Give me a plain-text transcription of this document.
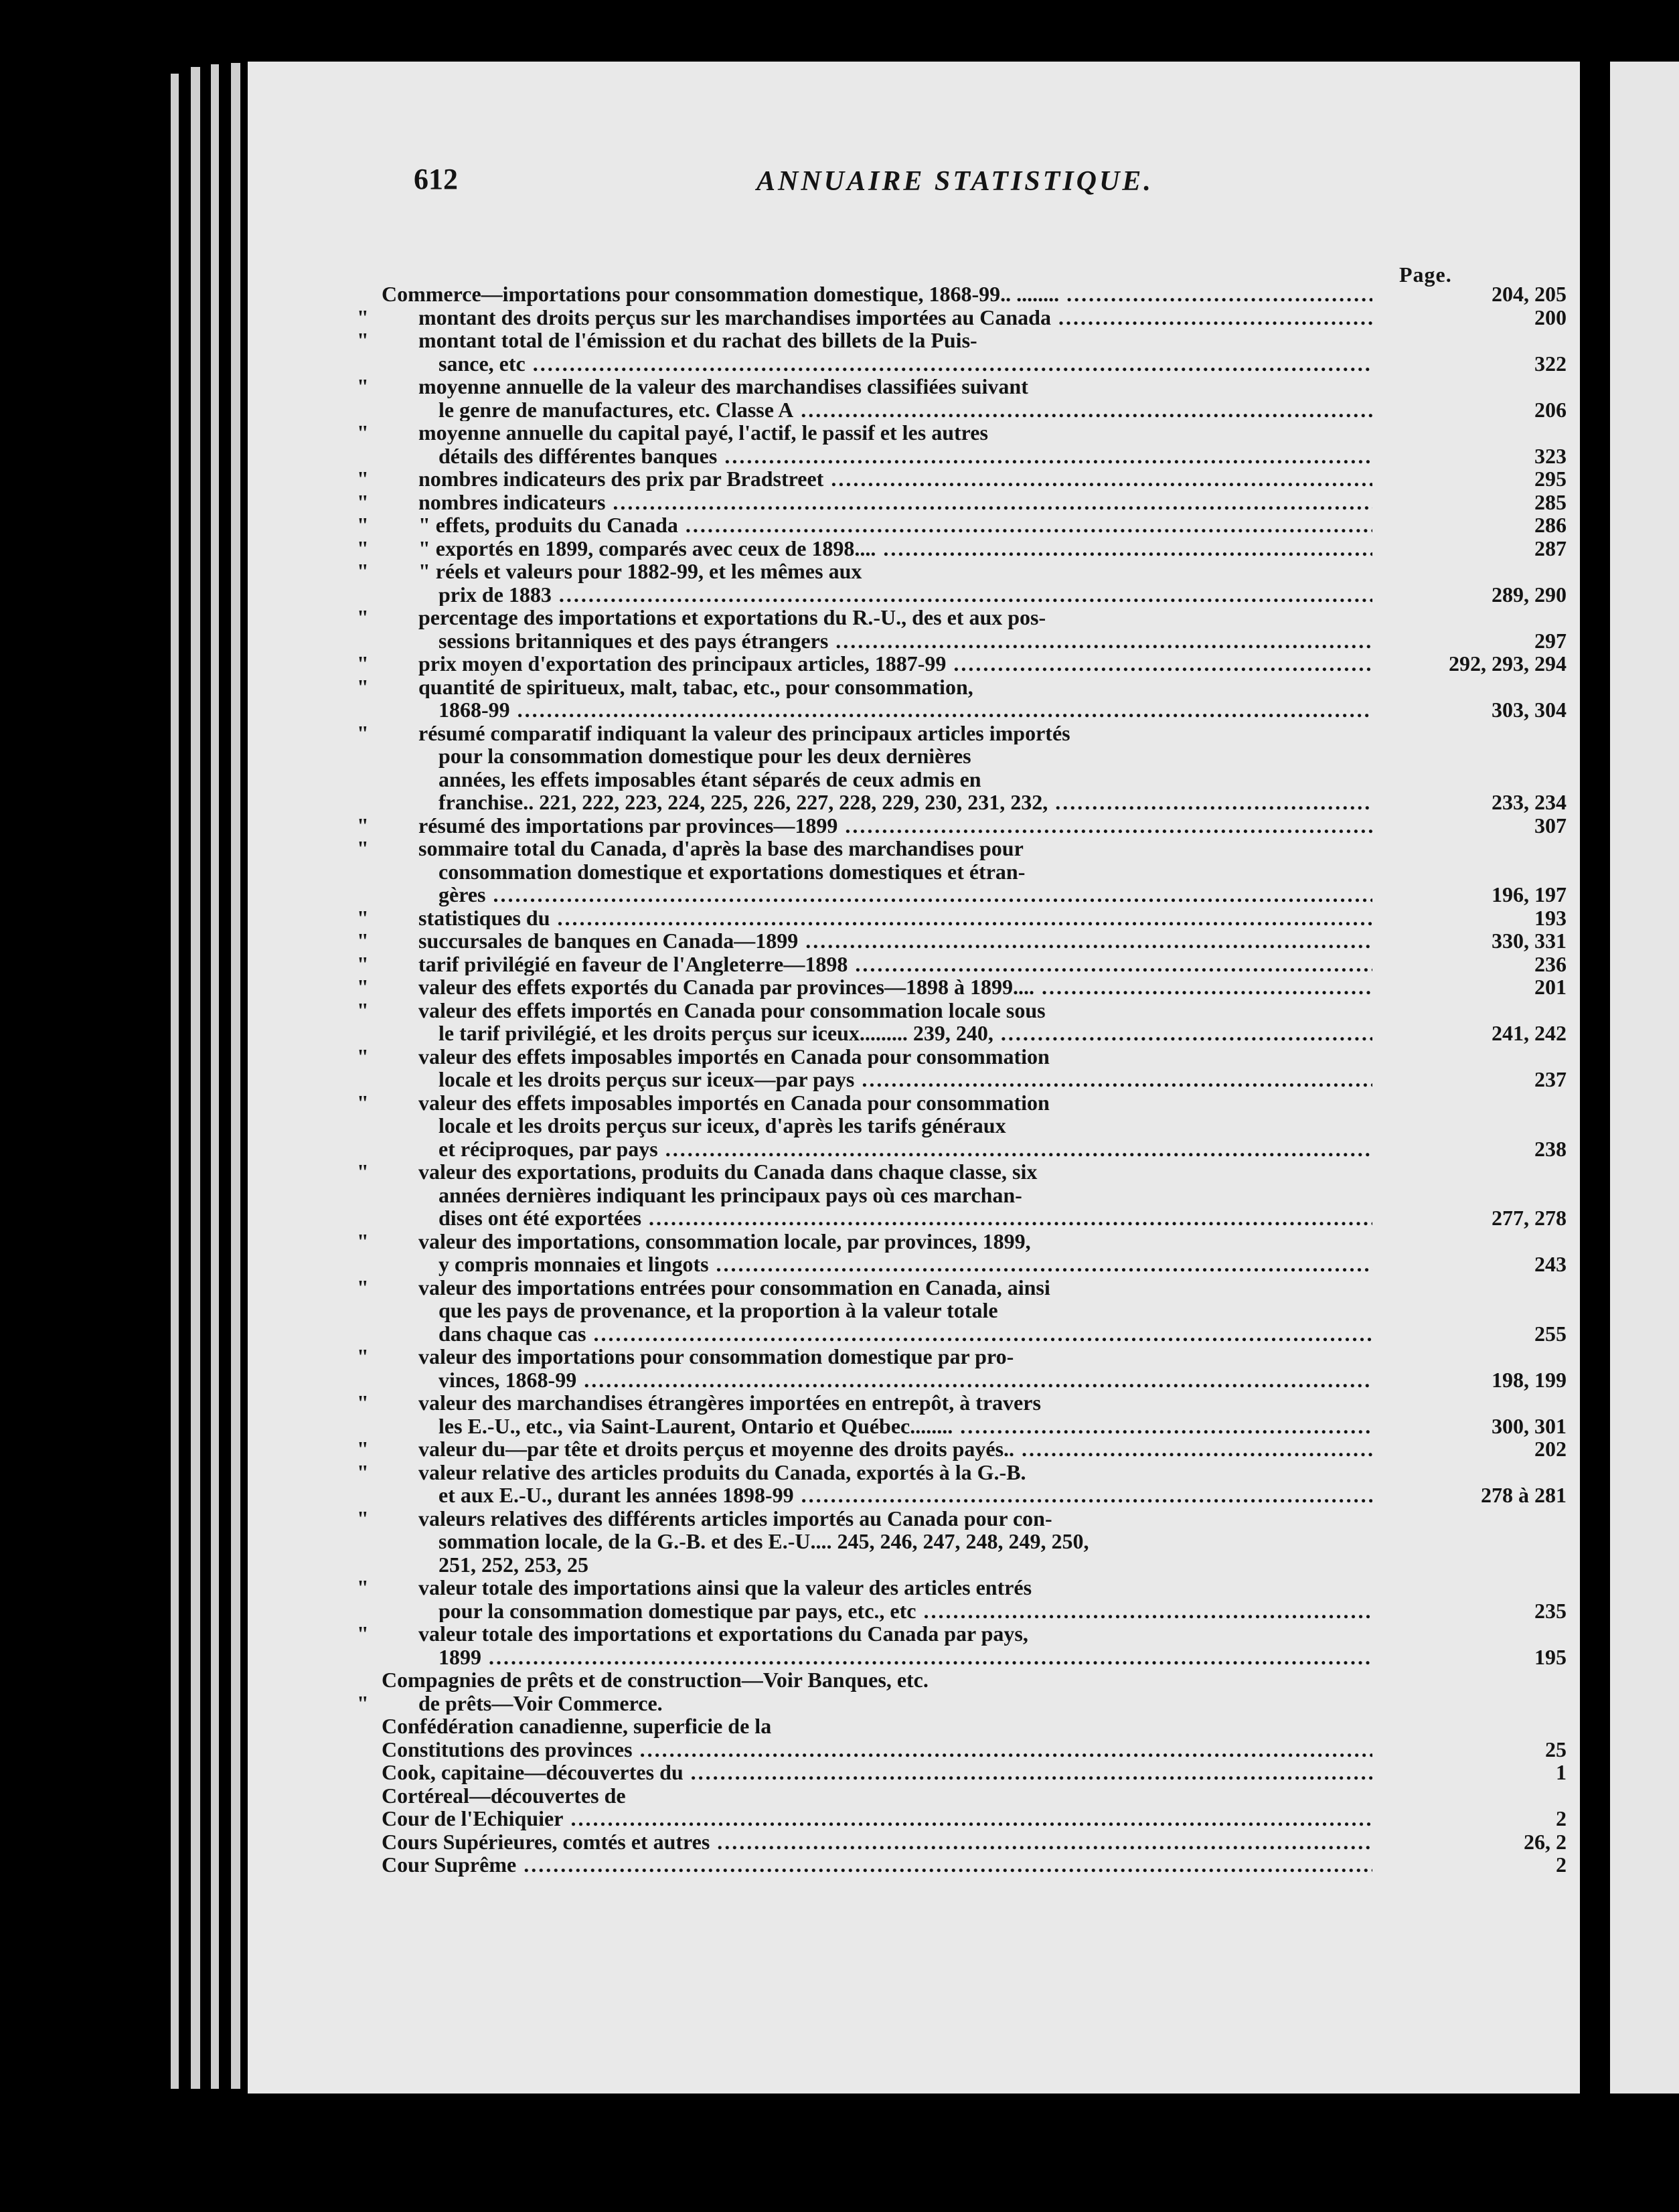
612	ANNUAIRE STATISTIQUE.
Page.
Commerce—importations pour consommation domestique, 1868-99.. ........ .....	204, 205
"	montant des droits perçus sur les marchandises importées au Canada .....	200
"	montant total de l'émission et du rachat des billets de la Puis-
sance, etc .....	322
"	moyenne annuelle de la valeur des marchandises classifiées suivant
le genre de manufactures, etc. Classe A .....	206
"	moyenne annuelle du capital payé, l'actif, le passif et les autres
détails des différentes banques .....	323
"	nombres indicateurs des prix par Bradstreet .....	295
"	nombres indicateurs .....	285
"	" effets, produits du Canada .....	286
"	" exportés en 1899, comparés avec ceux de 1898.... .....	287
"	" réels et valeurs pour 1882-99, et les mêmes aux
prix de 1883 .....	289, 290
"	percentage des importations et exportations du R.-U., des et aux pos-
sessions britanniques et des pays étrangers .....	297
"	prix moyen d'exportation des principaux articles, 1887-99 .....	292, 293, 294
"	quantité de spiritueux, malt, tabac, etc., pour consommation,
1868-99 .....	303, 304
"	résumé comparatif indiquant la valeur des principaux articles importés
pour la consommation domestique pour les deux dernières
années, les effets imposables étant séparés de ceux admis en
franchise.. 221, 222, 223, 224, 225, 226, 227, 228, 229, 230, 231, 232, .....	233, 234
"	résumé des importations par provinces—1899 .....	307
"	sommaire total du Canada, d'après la base des marchandises pour
consommation domestique et exportations domestiques et étran-
gères .....	196, 197
"	statistiques du .....	193
"	succursales de banques en Canada—1899 .....	330, 331
"	tarif privilégié en faveur de l'Angleterre—1898 .....	236
"	valeur des effets exportés du Canada par provinces—1898 à 1899.... .....	201
"	valeur des effets importés en Canada pour consommation locale sous
le tarif privilégié, et les droits perçus sur iceux......... 239, 240, .....	241, 242
"	valeur des effets imposables importés en Canada pour consommation
locale et les droits perçus sur iceux—par pays .....	237
"	valeur des effets imposables importés en Canada pour consommation
locale et les droits perçus sur iceux, d'après les tarifs généraux
et réciproques, par pays .....	238
"	valeur des exportations, produits du Canada dans chaque classe, six
années dernières indiquant les principaux pays où ces marchan-
dises ont été exportées .....	277, 278
"	valeur des importations, consommation locale, par provinces, 1899,
y compris monnaies et lingots .....	243
"	valeur des importations entrées pour consommation en Canada, ainsi
que les pays de provenance, et la proportion à la valeur totale
dans chaque cas .....	255
"	valeur des importations pour consommation domestique par pro-
vinces, 1868-99 .....	198, 199
"	valeur des marchandises étrangères importées en entrepôt, à travers
les E.-U., etc., via Saint-Laurent, Ontario et Québec........ .....	300, 301
"	valeur du—par tête et droits perçus et moyenne des droits payés.. .....	202
"	valeur relative des articles produits du Canada, exportés à la G.-B.
et aux E.-U., durant les années 1898-99 .....	278 à 281
"	valeurs relatives des différents articles importés au Canada pour con-
sommation locale, de la G.-B. et des E.-U.... 245, 246, 247, 248, 249, 250,
251, 252, 253, 25
"	valeur totale des importations ainsi que la valeur des articles entrés
pour la consommation domestique par pays, etc., etc .....	235
"	valeur totale des importations et exportations du Canada par pays,
1899 .....	195
Compagnies de prêts et de construction—Voir Banques, etc.
"	de prêts—Voir Commerce.
Confédération canadienne, superficie de la
Constitutions des provinces .....	25
Cook, capitaine—découvertes du .....	1
Cortéreal—découvertes de
Cour de l'Echiquier .....	2
Cours Supérieures, comtés et autres .....	26, 2
Cour Suprême .....	2
